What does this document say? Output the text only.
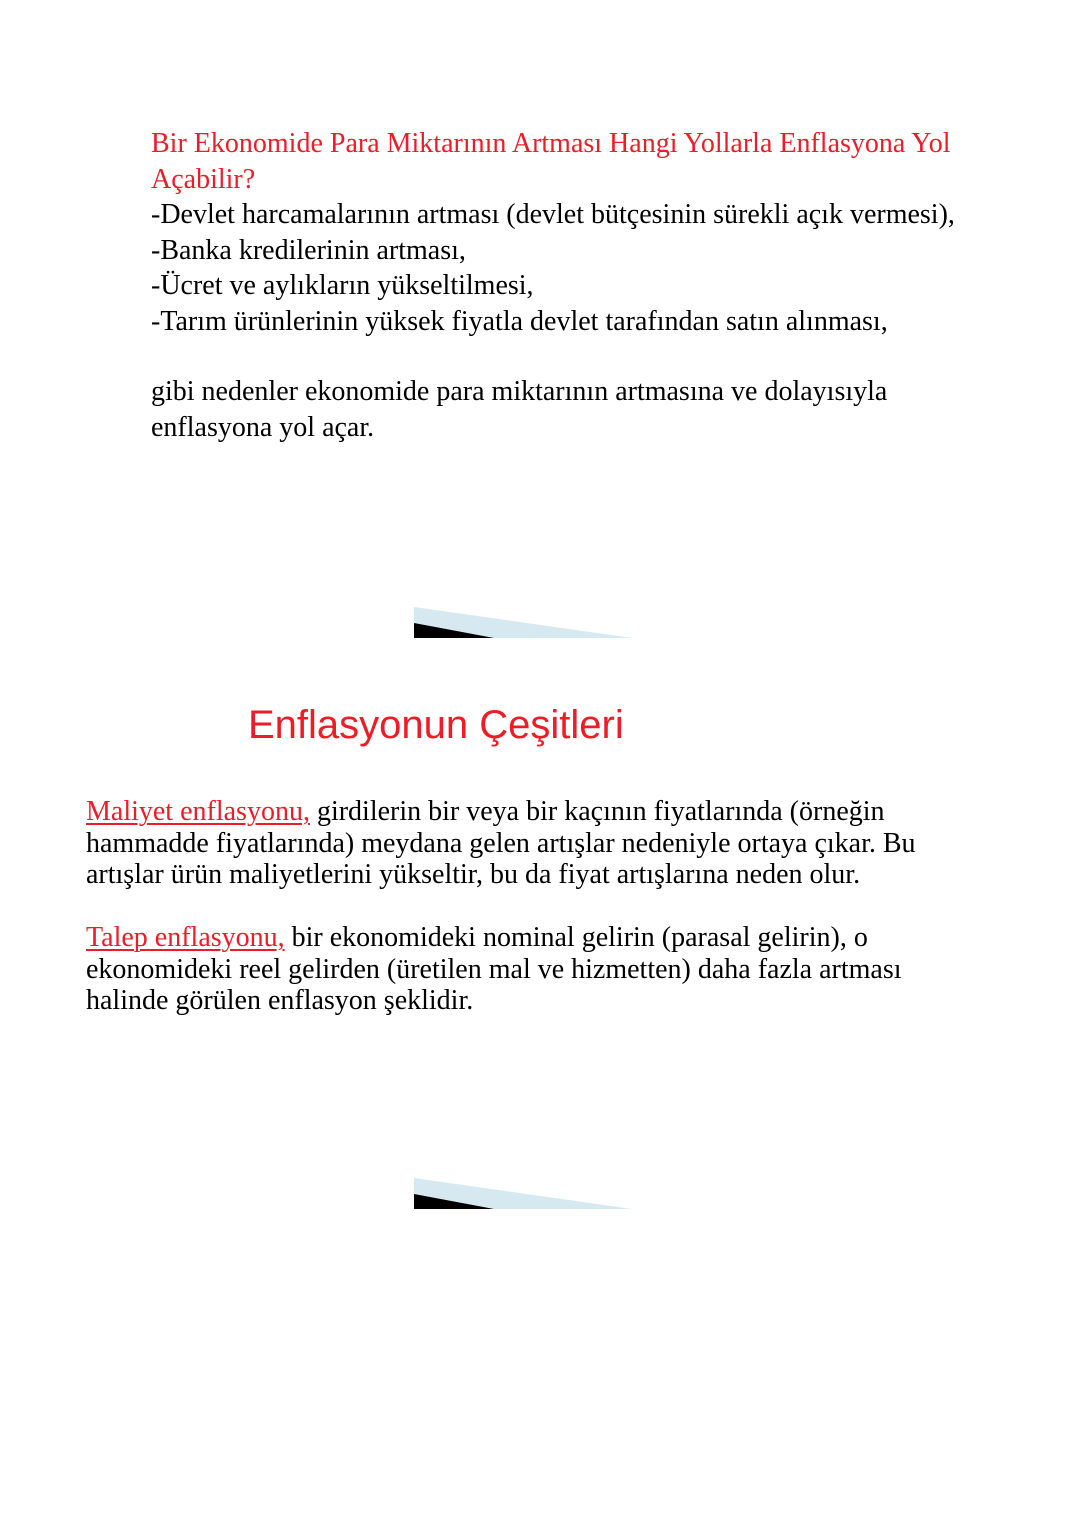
Bir Ekonomide Para Miktarının Artması Hangi Yollarla Enflasyona Yol
Açabilir?
-Devlet harcamalarının artması (devlet bütçesinin sürekli açık vermesi),
-Banka kredilerinin artması,
-Ücret ve aylıkların yükseltilmesi,
-Tarım ürünlerinin yüksek fiyatla devlet tarafından satın alınması,
gibi nedenler ekonomide para miktarının artmasına ve dolayısıyla
enflasyona yol açar.
Enflasyonun Çeşitleri
Maliyet enflasyonu, girdilerin bir veya bir kaçının fiyatlarında (örneğin
hammadde fiyatlarında) meydana gelen artışlar nedeniyle ortaya çıkar. Bu
artışlar ürün maliyetlerini yükseltir, bu da fiyat artışlarına neden olur.
Talep enflasyonu, bir ekonomideki nominal gelirin (parasal gelirin), o
ekonomideki reel gelirden (üretilen mal ve hizmetten) daha fazla artması
halinde görülen enflasyon şeklidir.
